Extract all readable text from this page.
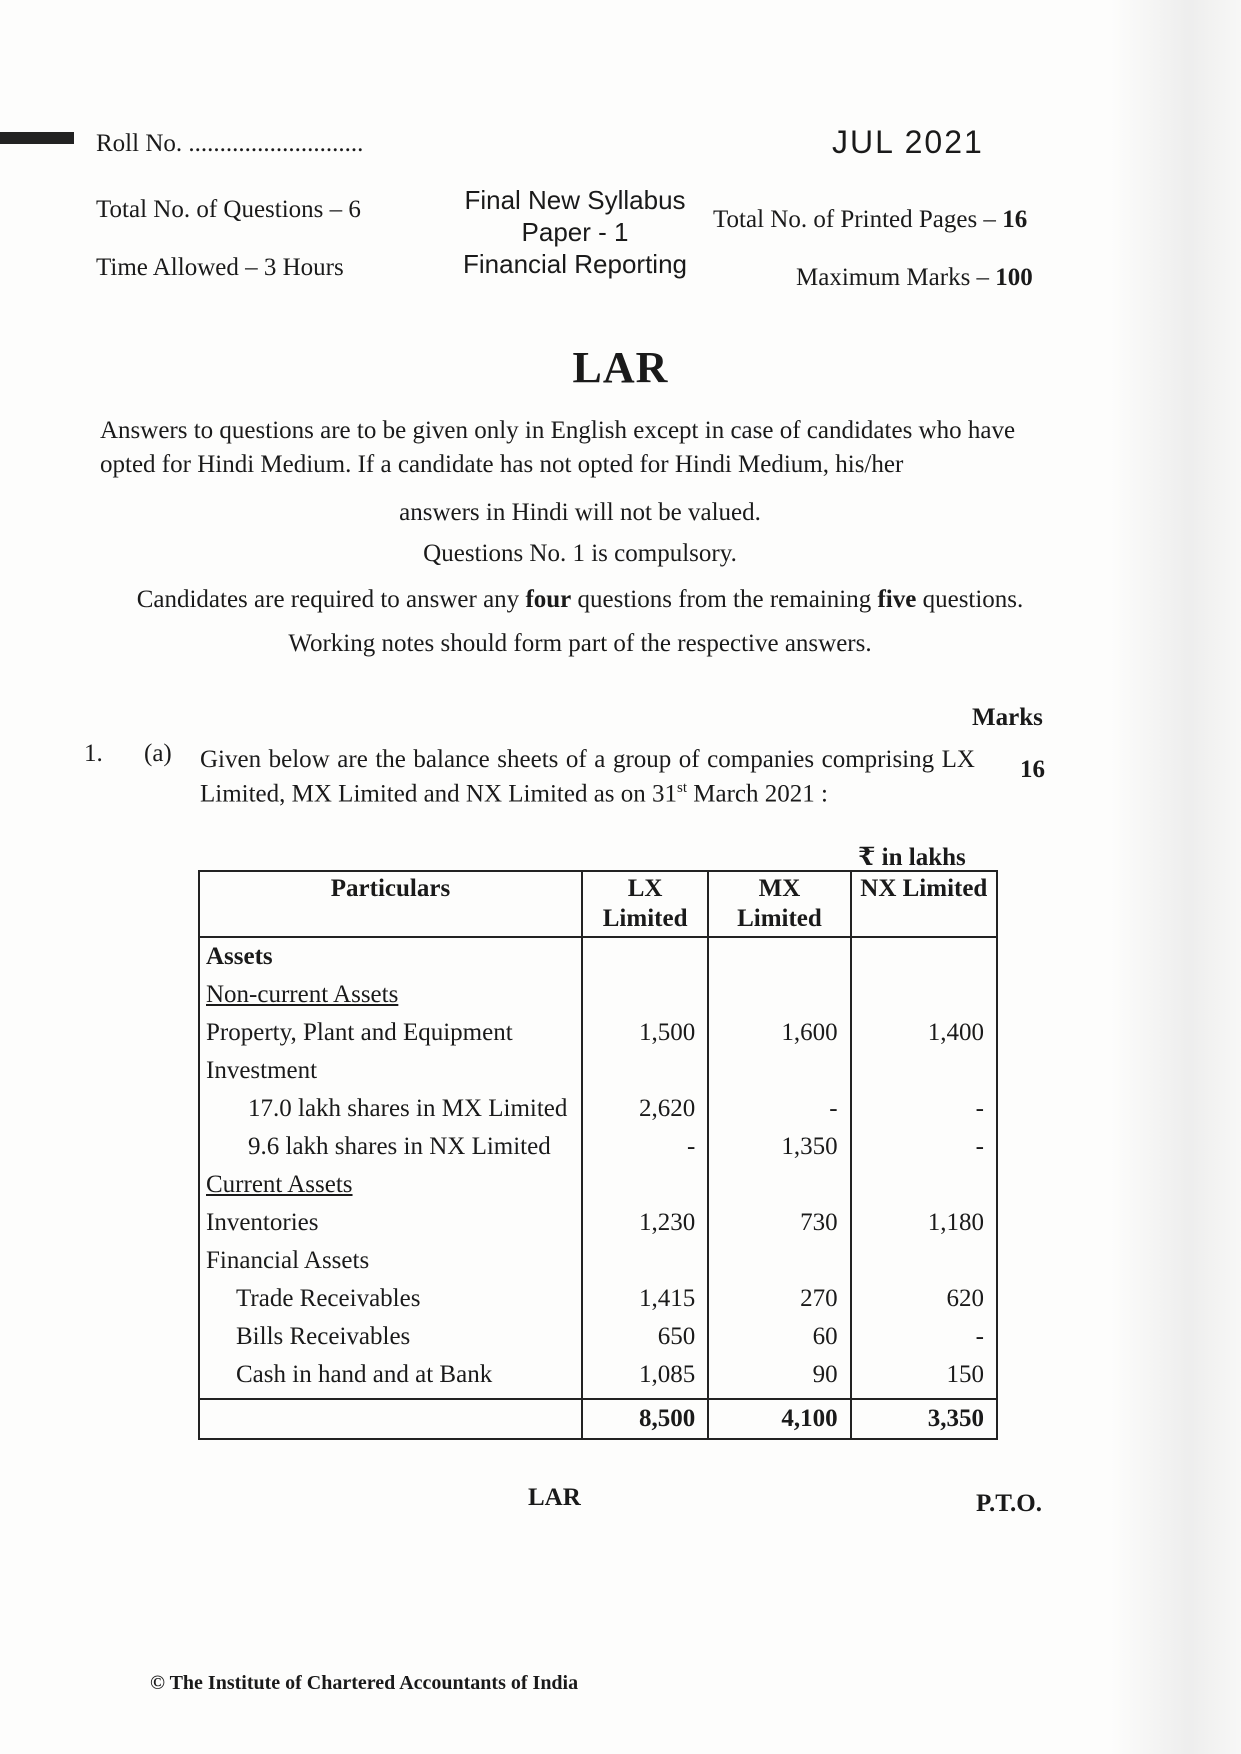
Roll No. ............................	JUL 2021
Total No. of Questions – 6
Time Allowed – 3 Hours
Final New Syllabus
Paper - 1
Financial Reporting
Total No. of Printed Pages – 16
Maximum Marks – 100
LAR
Answers to questions are to be given only in English except in case of candidates who have opted for Hindi Medium. If a candidate has not opted for Hindi Medium, his/her
answers in Hindi will not be valued.
Questions No. 1 is compulsory.
Candidates are required to answer any four questions from the remaining five questions.
Working notes should form part of the respective answers.
Marks
1. (a) Given below are the balance sheets of a group of companies comprising LX Limited, MX Limited and NX Limited as on 31st March 2021 :
16
₹ in lakhs
Particulars	LX Limited	MX Limited	NX Limited
Assets			
Non-current Assets			
Property, Plant and Equipment	1,500	1,600	1,400
Investment			
17.0 lakh shares in MX Limited	2,620	-	-
9.6 lakh shares in NX Limited	-	1,350	-
Current Assets			
Inventories	1,230	730	1,180
Financial Assets			
Trade Receivables	1,415	270	620
Bills Receivables	650	60	-
Cash in hand and at Bank	1,085	90	150
	8,500	4,100	3,350
LAR	P.T.O.
© The Institute of Chartered Accountants of India
